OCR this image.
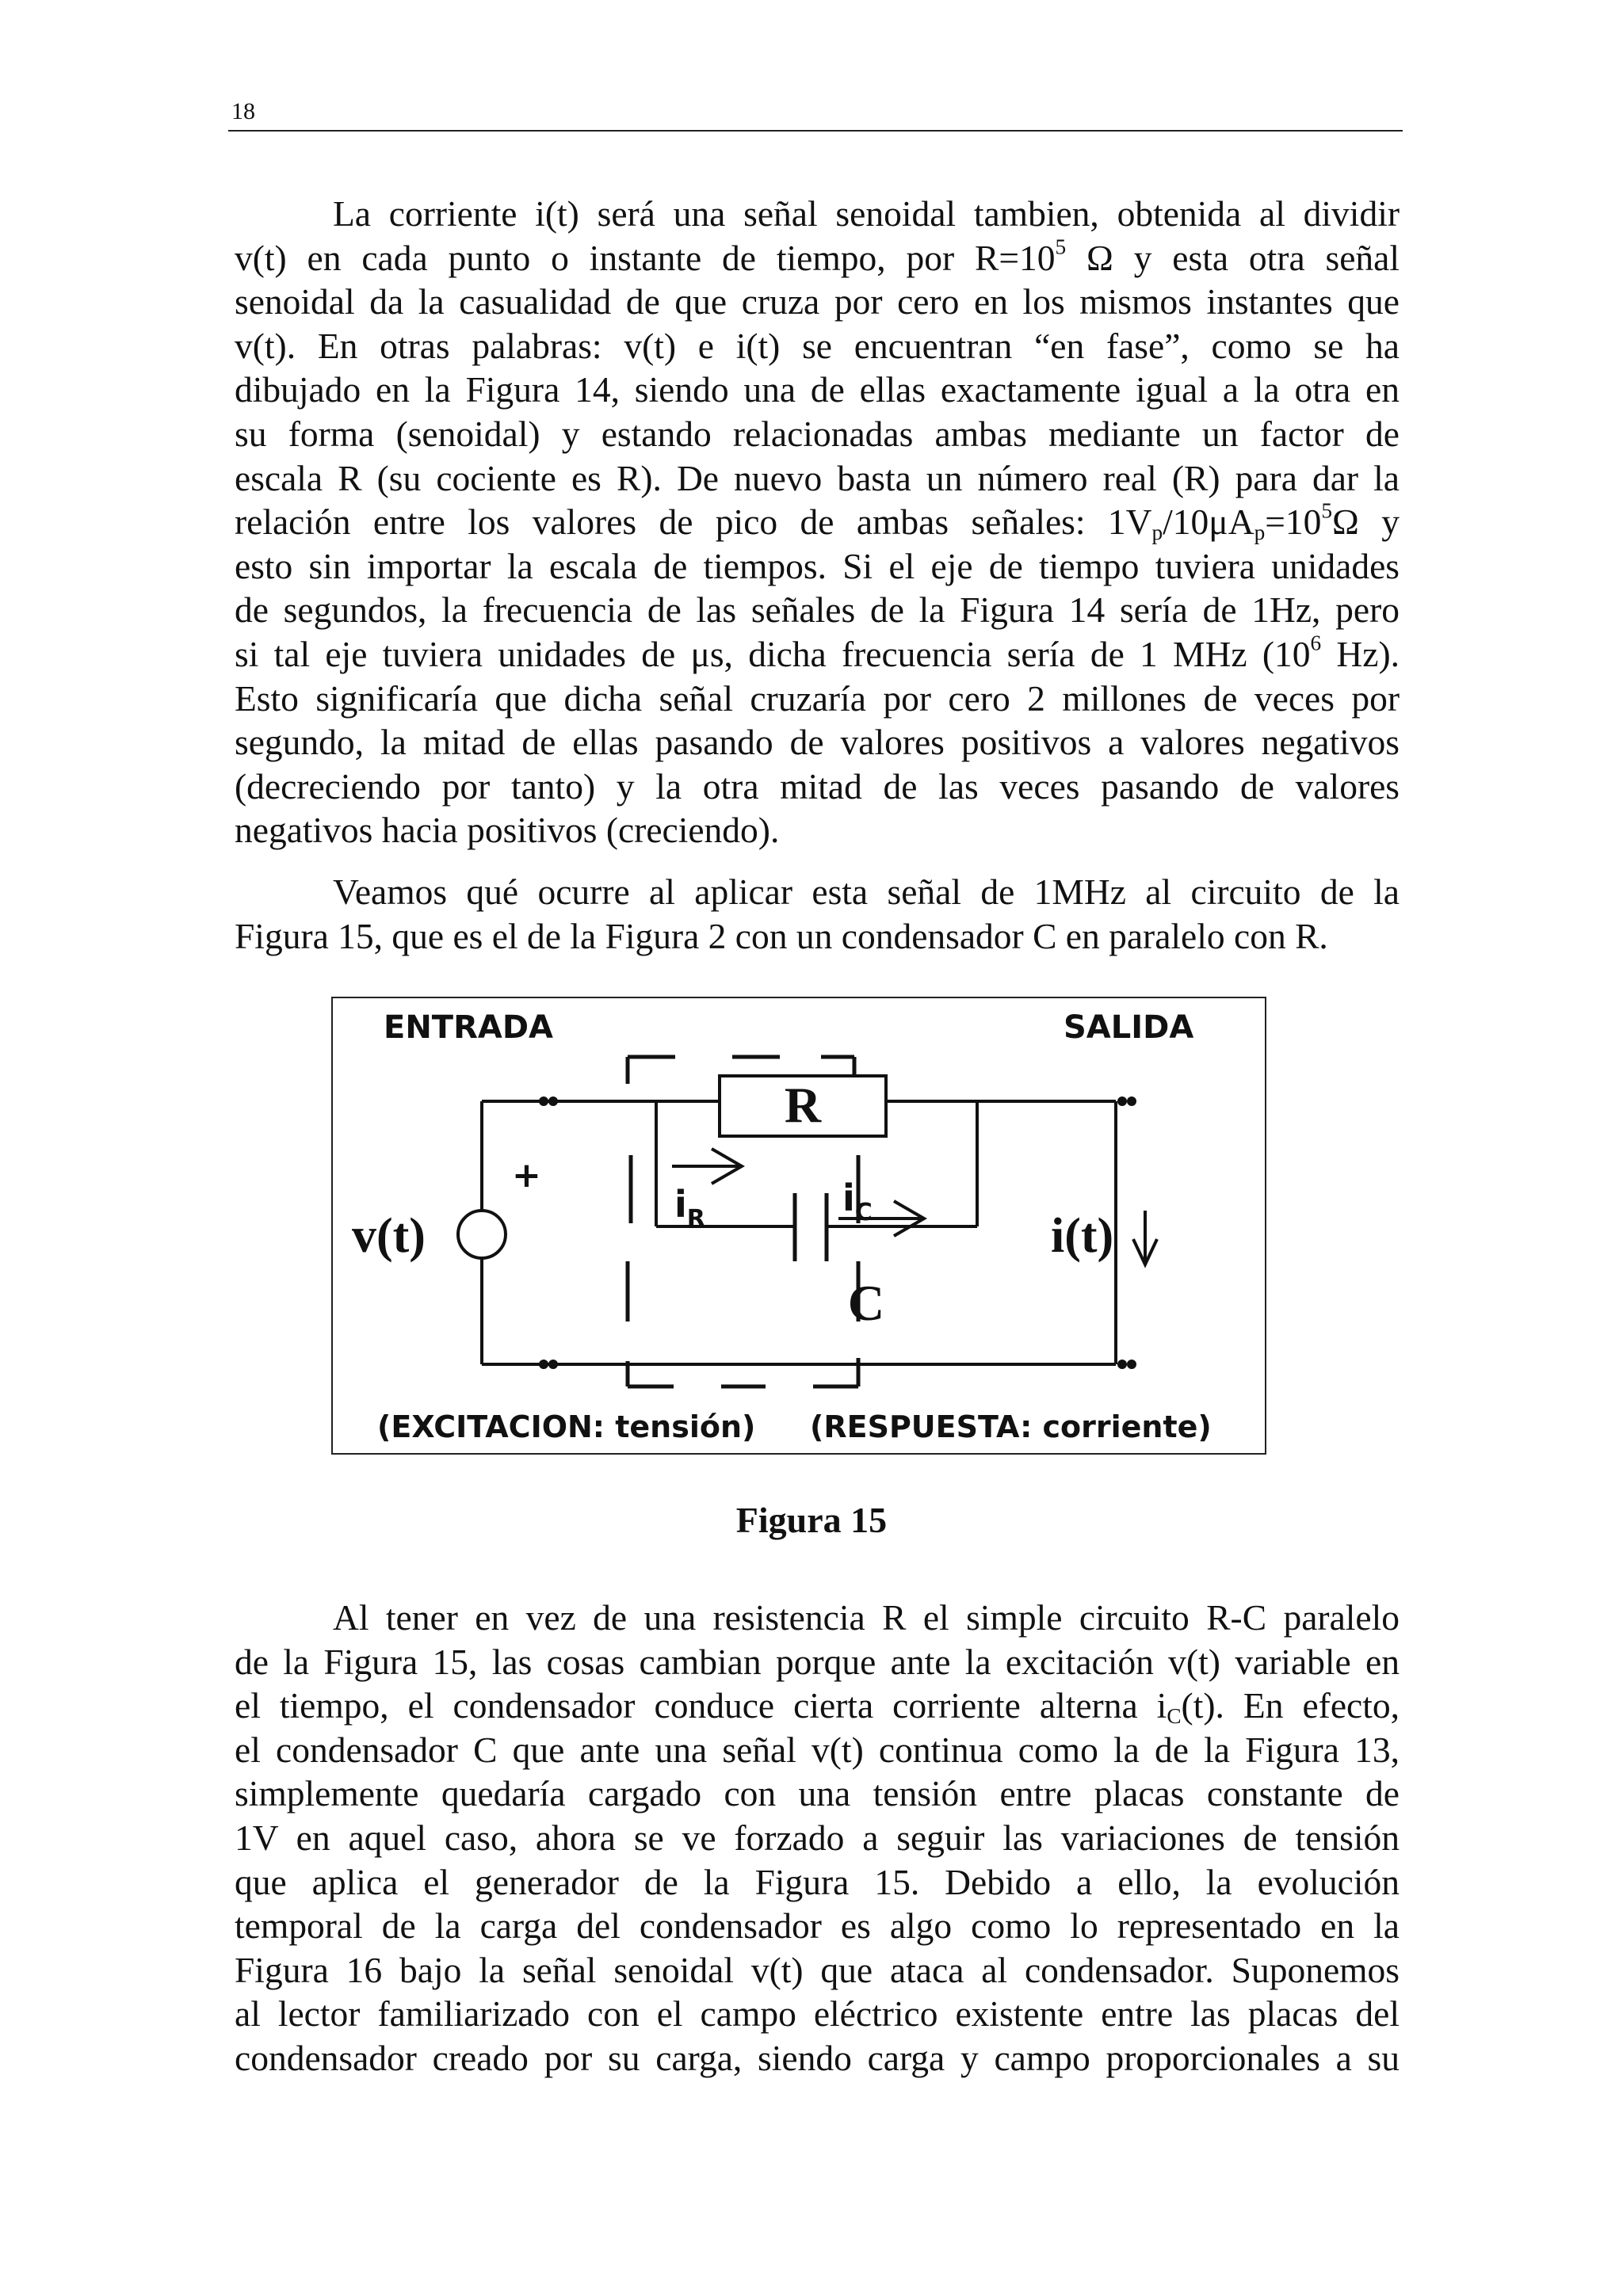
18
La corriente i(t) será una señal senoidal tambien, obtenida al dividir
v(t) en cada punto o instante de tiempo, por $R=10^5$ Ω y esta otra señal
senoidal da la casualidad de que cruza por cero en los mismos instantes que
v(t). En otras palabras: v(t) e i(t) se encuentran “en fase”, como se ha
dibujado en la Figura 14, siendo una de ellas exactamente igual a la otra en
su forma (senoidal) y estando relacionadas ambas mediante un factor de
escala R (su cociente es R). De nuevo basta un número real (R) para dar la
relación entre los valores de pico de ambas señales: $1V_p/10\mu A_p=10^5\Omega$ y
esto sin importar la escala de tiempos. Si el eje de tiempo tuviera unidades
de segundos, la frecuencia de las señales de la Figura 14 sería de 1Hz, pero
si tal eje tuviera unidades de μs, dicha frecuencia sería de 1 MHz ($10^6$ Hz).
Esto significaría que dicha señal cruzaría por cero 2 millones de veces por
segundo, la mitad de ellas pasando de valores positivos a valores negativos
(decreciendo por tanto) y la otra mitad de las veces pasando de valores
negativos hacia positivos (creciendo).
Veamos qué ocurre al aplicar esta señal de 1MHz al circuito de la
Figura 15, que es el de la Figura 2 con un condensador C en paralelo con R.
ENTRADA	SALIDA
R
C
+
v(t)
$i_R$	$i_C$	i(t)
(EXCITACION: tensión) (RESPUESTA: corriente)
Figura 15
Al tener en vez de una resistencia R el simple circuito R-C paralelo
de la Figura 15, las cosas cambian porque ante la excitación v(t) variable en
el tiempo, el condensador conduce cierta corriente alterna $i_C(t)$. En efecto,
el condensador C que ante una señal v(t) continua como la de la Figura 13,
simplemente quedaría cargado con una tensión entre placas constante de
1V en aquel caso, ahora se ve forzado a seguir las variaciones de tensión
que aplica el generador de la Figura 15. Debido a ello, la evolución
temporal de la carga del condensador es algo como lo representado en la
Figura 16 bajo la señal senoidal v(t) que ataca al condensador. Suponemos
al lector familiarizado con el campo eléctrico existente entre las placas del
condensador creado por su carga, siendo carga y campo proporcionales a su
